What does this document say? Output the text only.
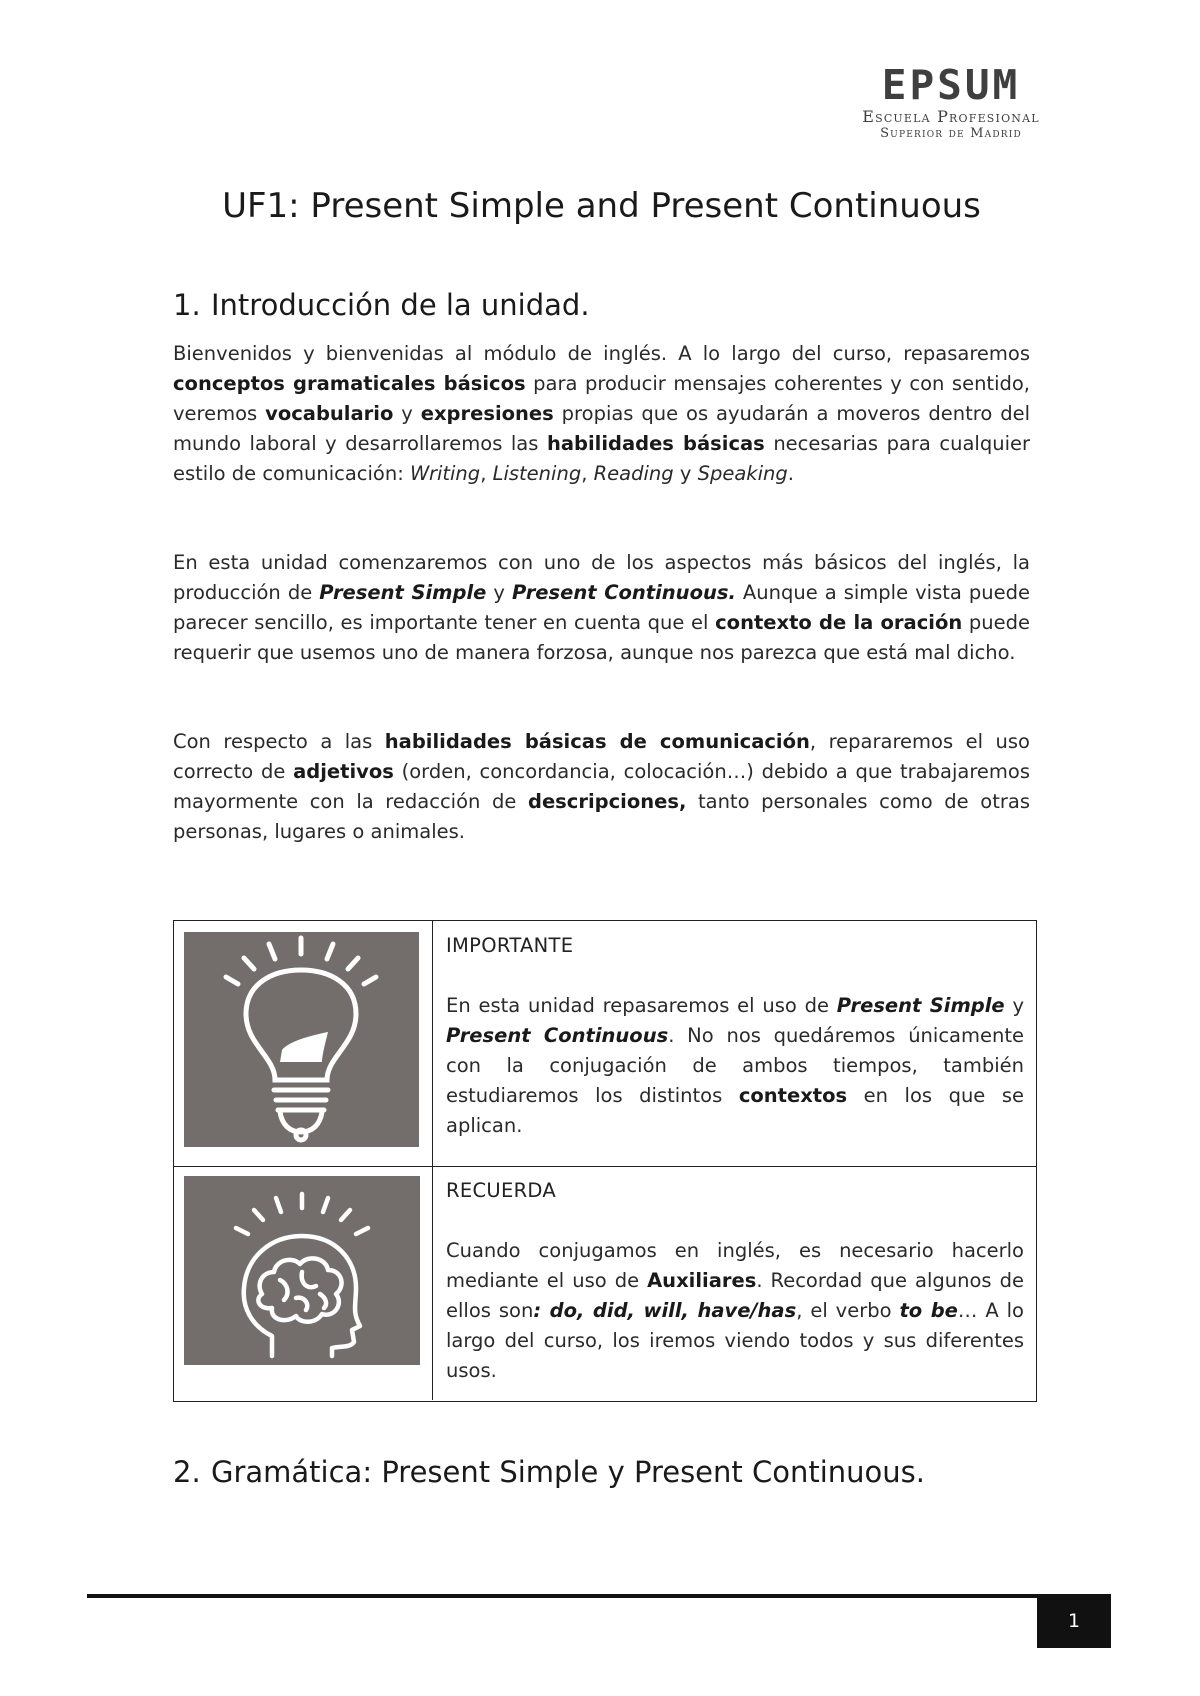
EPSUM
Escuela Profesional
Superior de Madrid
UF1: Present Simple and Present Continuous
1. Introducción de la unidad.

Bienvenidos y bienvenidas al módulo de inglés. A lo largo del curso, repasaremos conceptos gramaticales básicos para producir mensajes coherentes y con sentido, veremos vocabulario y expresiones propias que os ayudarán a moveros dentro del mundo laboral y desarrollaremos las habilidades básicas necesarias para cualquier estilo de comunicación: Writing, Listening, Reading y Speaking.

En esta unidad comenzaremos con uno de los aspectos más básicos del inglés, la producción de Present Simple y Present Continuous. Aunque a simple vista puede parecer sencillo, es importante tener en cuenta que el contexto de la oración puede requerir que usemos uno de manera forzosa, aunque nos parezca que está mal dicho.

Con respecto a las habilidades básicas de comunicación, repararemos el uso correcto de adjetivos (orden, concordancia, colocación…) debido a que trabajaremos mayormente con la redacción de descripciones, tanto personales como de otras personas, lugares o animales.

IMPORTANTE
En esta unidad repasaremos el uso de Present Simple y Present Continuous. No nos quedáremos únicamente con la conjugación de ambos tiempos, también estudiaremos los distintos contextos en los que se aplican.
RECUERDA
Cuando conjugamos en inglés, es necesario hacerlo mediante el uso de Auxiliares. Recordad que algunos de ellos son: do, did, will, have/has, el verbo to be… A lo largo del curso, los iremos viendo todos y sus diferentes usos.
2. Gramática: Present Simple y Present Continuous.
1
